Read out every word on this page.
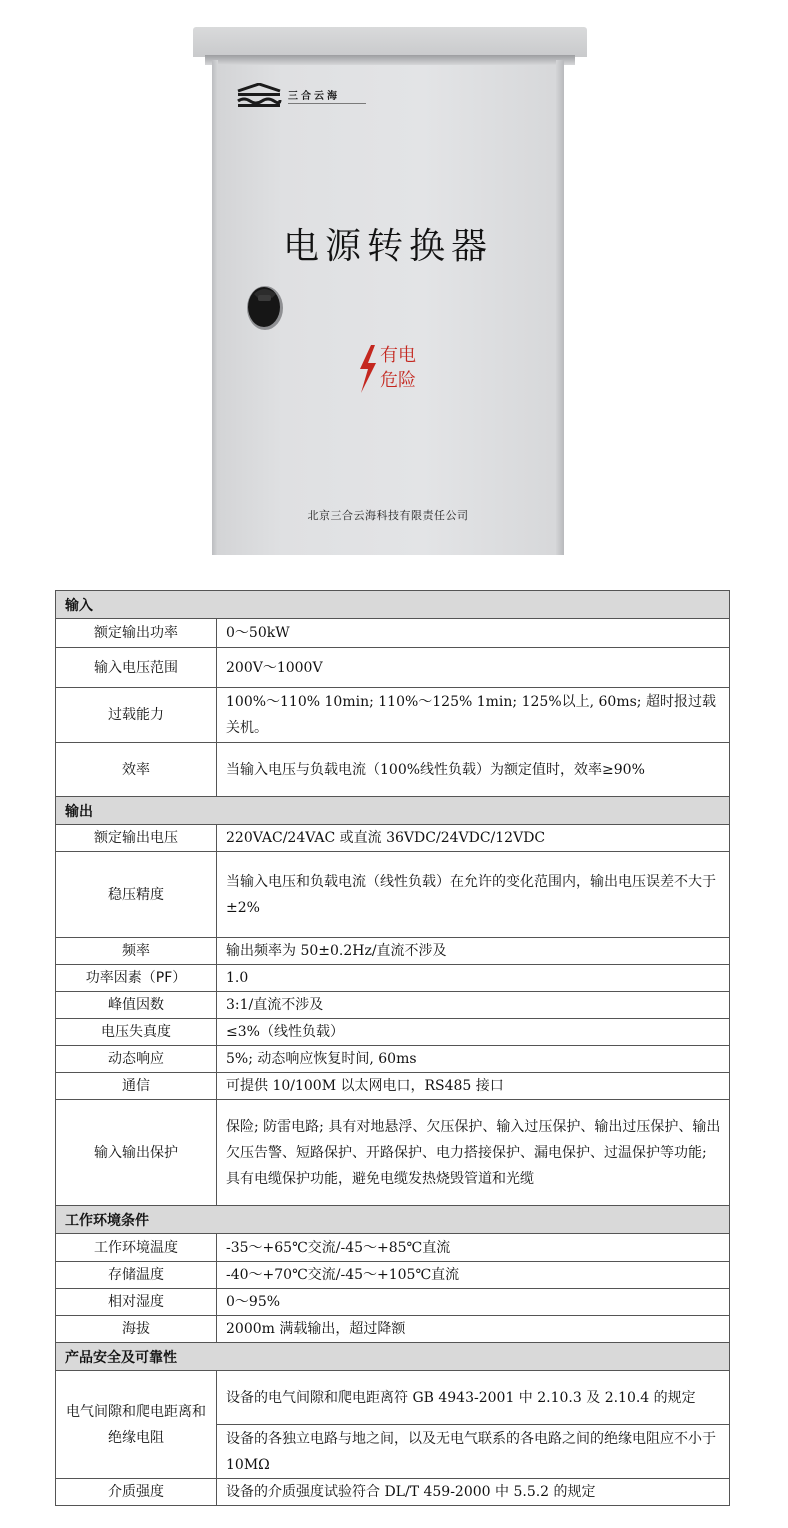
三合云海
电源转换器
有电
危险
北京三合云海科技有限责任公司
输入	
额定输出功率	0～50kW
输入电压范围	200V～1000V
过载能力	100%～110% 10min; 110%～125% 1min; 125%以上, 60ms; 超时报过载关机。
效率	当输入电压与负载电流（100%线性负载）为额定值时，效率≥90%
输出	
额定输出电压	220VAC/24VAC 或直流 36VDC/24VDC/12VDC
稳压精度	当输入电压和负载电流（线性负载）在允许的变化范围内，输出电压误差不大于±2%
频率	输出频率为 50±0.2Hz/直流不涉及
功率因素（PF）	1.0
峰值因数	3:1/直流不涉及
电压失真度	≤3%（线性负载）
动态响应	5%; 动态响应恢复时间, 60ms
通信	可提供 10/100M 以太网电口，RS485 接口
输入输出保护	保险; 防雷电路; 具有对地悬浮、欠压保护、输入过压保护、输出过压保护、输出欠压告警、短路保护、开路保护、电力搭接保护、漏电保护、过温保护等功能; 具有电缆保护功能，避免电缆发热烧毁管道和光缆
工作环境条件	
工作环境温度	-35～+65℃交流/-45～+85℃直流
存储温度	-40～+70℃交流/-45～+105℃直流
相对湿度	0～95%
海拔	2000m 满载输出，超过降额
产品安全及可靠性	
电气间隙和爬电距离和绝缘电阻	设备的电气间隙和爬电距离符 GB 4943-2001 中 2.10.3 及 2.10.4 的规定
	设备的各独立电路与地之间，以及无电气联系的各电路之间的绝缘电阻应不小于 10MΩ
介质强度	设备的介质强度试验符合 DL/T 459-2000 中 5.5.2 的规定
